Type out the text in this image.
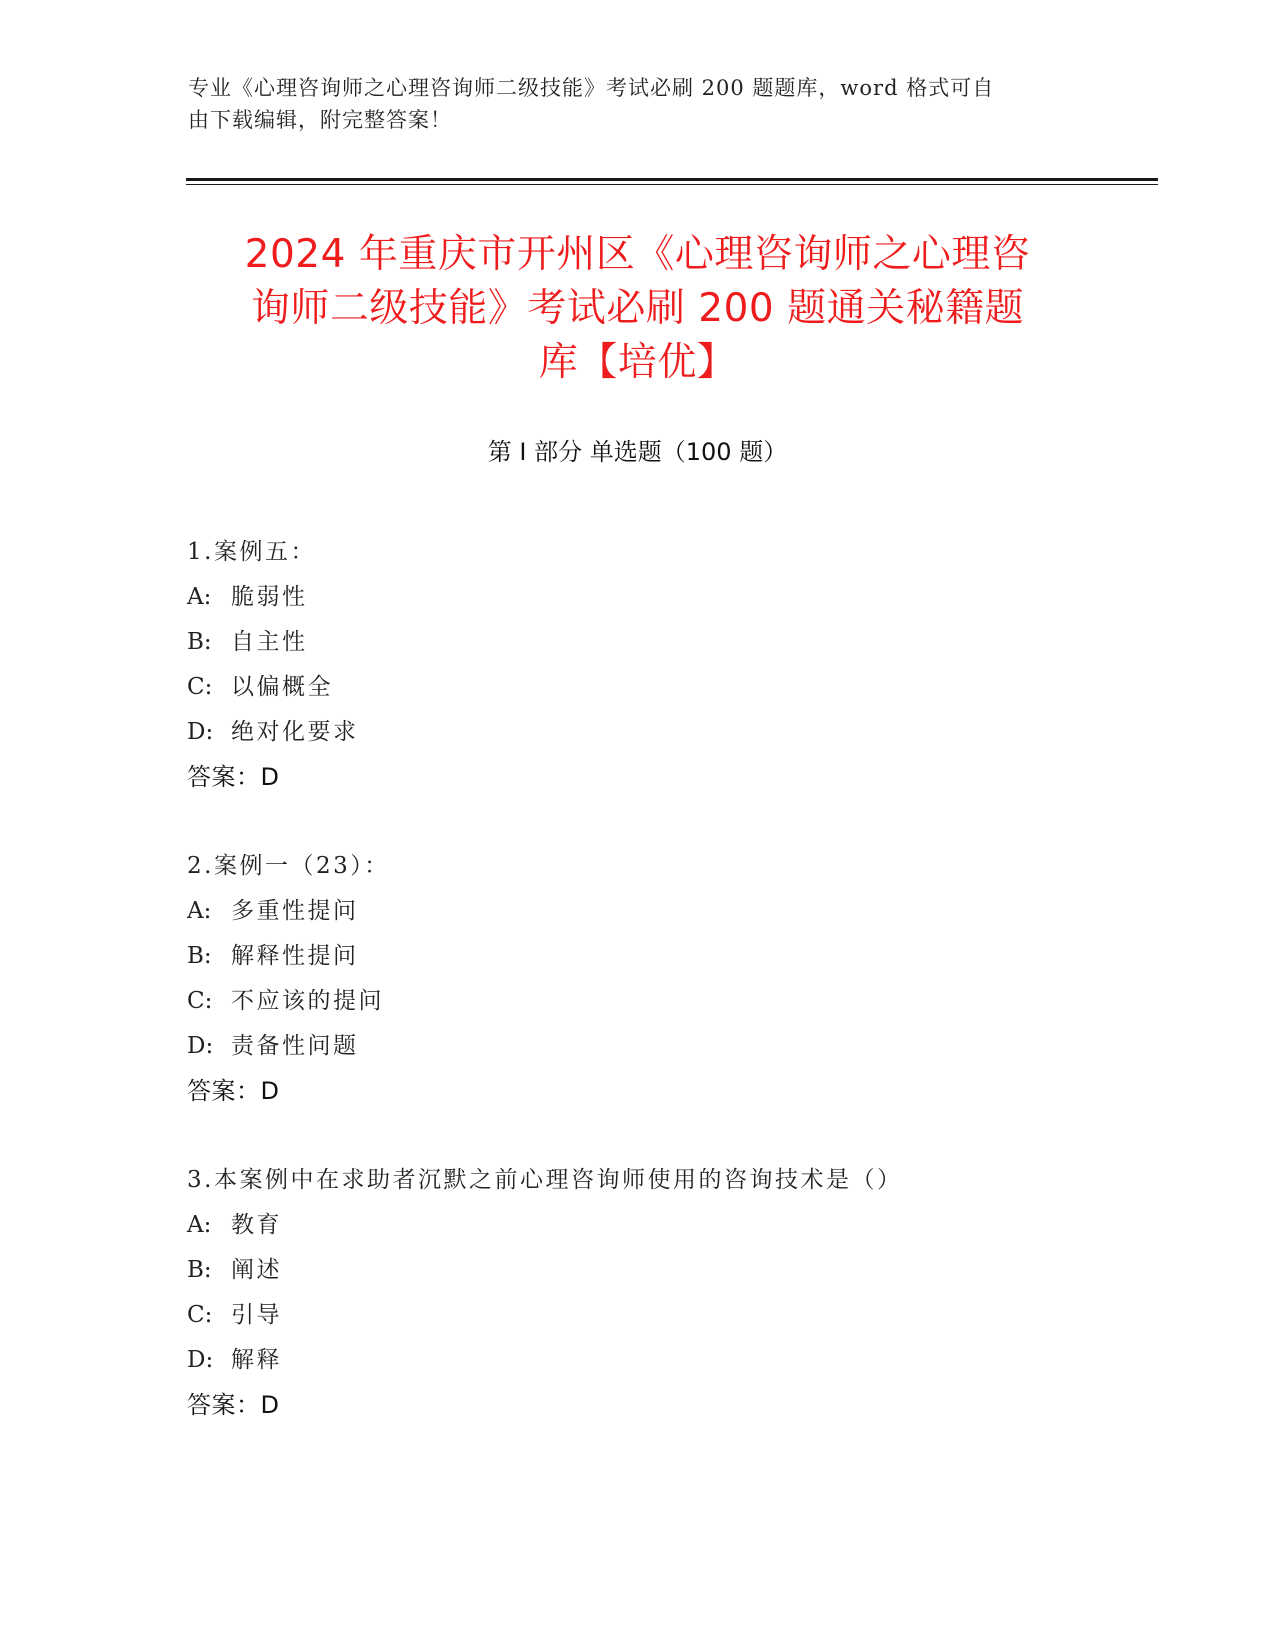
专业《心理咨询师之心理咨询师二级技能》考试必刷 200 题题库，word 格式可自
由下载编辑，附完整答案！
2024 年重庆市开州区《心理咨询师之心理咨
询师二级技能》考试必刷 200 题通关秘籍题
库【培优】
第 I 部分 单选题（100 题）
1.案例五：
A: 脆弱性
B: 自主性
C: 以偏概全
D: 绝对化要求
答案：D
2.案例一（23）：
A: 多重性提问
B: 解释性提问
C: 不应该的提问
D: 责备性问题
答案：D
3.本案例中在求助者沉默之前心理咨询师使用的咨询技术是（）
A: 教育
B: 阐述
C: 引导
D: 解释
答案：D
